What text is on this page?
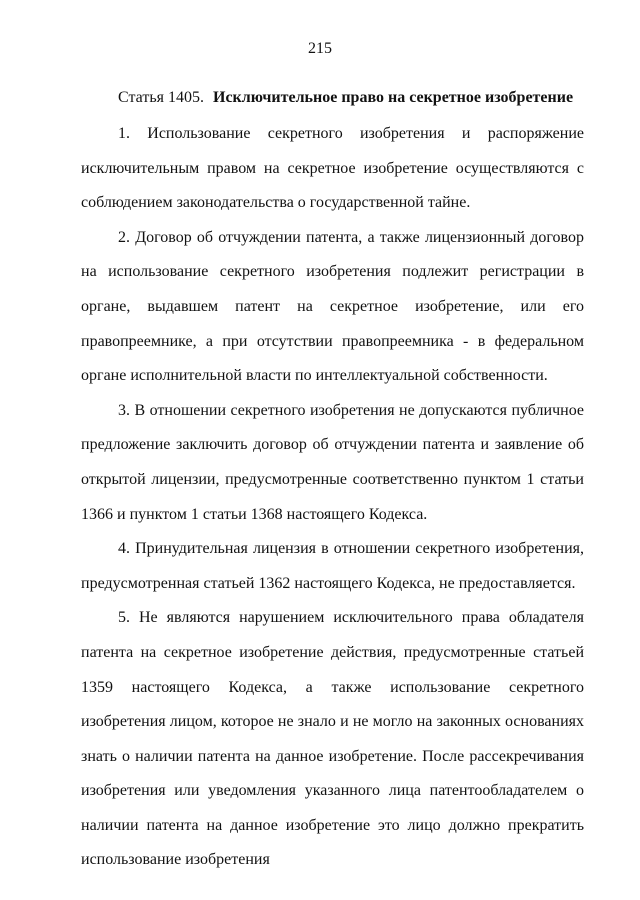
215
Статья 1405. Исключительное право на секретное изобретение

1. Использование секретного изобретения и распоряжение исключительным правом на секретное изобретение осуществляются с соблюдением законодательства о государственной тайне.

2. Договор об отчуждении патента, а также лицензионный договор на использование секретного изобретения подлежит регистрации в органе, выдавшем патент на секретное изобретение, или его правопреемнике, а при отсутствии правопреемника - в федеральном органе исполнительной власти по интеллектуальной собственности.

3. В отношении секретного изобретения не допускаются публичное предложение заключить договор об отчуждении патента и заявление об открытой лицензии, предусмотренные соответственно пунктом 1 статьи 1366 и пунктом 1 статьи 1368 настоящего Кодекса.

4. Принудительная лицензия в отношении секретного изобретения, предусмотренная статьей 1362 настоящего Кодекса, не предоставляется.

5. Не являются нарушением исключительного права обладателя патента на секретное изобретение действия, предусмотренные статьей 1359 настоящего Кодекса, а также использование секретного изобретения лицом, которое не знало и не могло на законных основаниях знать о наличии патента на данное изобретение. После рассекречивания изобретения или уведомления указанного лица патентообладателем о наличии патента на данное изобретение это лицо должно прекратить использование изобретения
